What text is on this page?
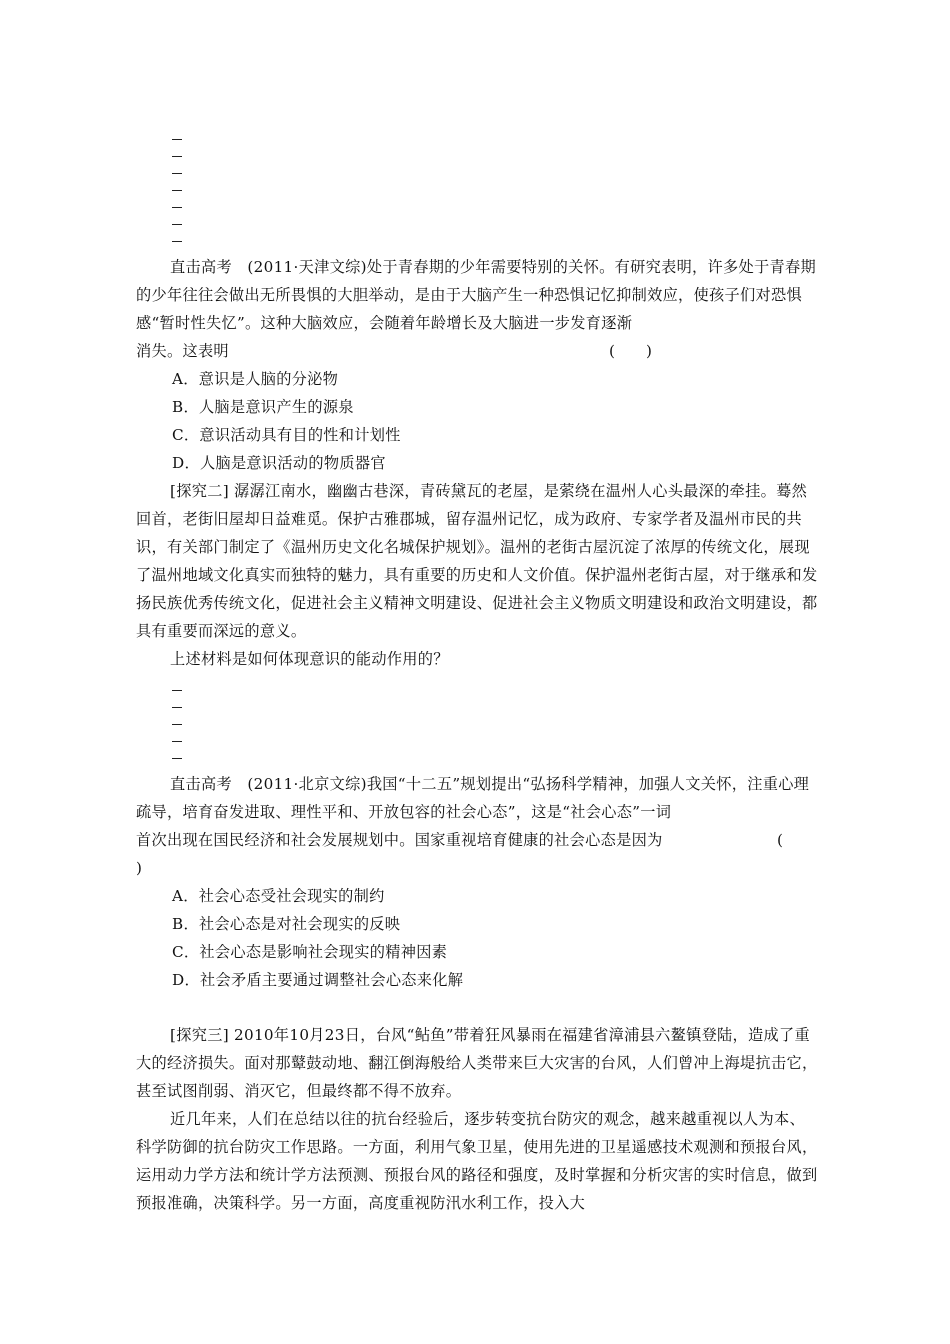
直击高考　(2011·天津文综)处于青春期的少年需要特别的关怀。有研究表明，许多处于青春期的少年往往会做出无所畏惧的大胆举动，是由于大脑产生一种恐惧记忆抑制效应，使孩子们对恐惧感“暂时性失忆”。这种大脑效应，会随着年龄增长及大脑进一步发育逐渐
消失。这表明	( )
A．意识是人脑的分泌物
B．人脑是意识产生的源泉
C．意识活动具有目的性和计划性
D．人脑是意识活动的物质器官
[探究二] 潺潺江南水，幽幽古巷深，青砖黛瓦的老屋，是萦绕在温州人心头最深的牵挂。蓦然回首，老街旧屋却日益难觅。保护古雅郡城，留存温州记忆，成为政府、专家学者及温州市民的共识，有关部门制定了《温州历史文化名城保护规划》。温州的老街古屋沉淀了浓厚的传统文化，展现了温州地域文化真实而独特的魅力，具有重要的历史和人文价值。保护温州老街古屋，对于继承和发扬民族优秀传统文化，促进社会主义精神文明建设、促进社会主义物质文明建设和政治文明建设，都具有重要而深远的意义。
上述材料是如何体现意识的能动作用的？
直击高考　(2011·北京文综)我国“十二五”规划提出“弘扬科学精神，加强人文关怀，注重心理疏导，培育奋发进取、理性平和、开放包容的社会心态”，这是“社会心态”一词
首次出现在国民经济和社会发展规划中。国家重视培育健康的社会心态是因为	(
)
A．社会心态受社会现实的制约
B．社会心态是对社会现实的反映
C．社会心态是影响社会现实的精神因素
D．社会矛盾主要通过调整社会心态来化解
[探究三] 2010年10月23日，台风“鲇鱼”带着狂风暴雨在福建省漳浦县六鳌镇登陆，造成了重大的经济损失。面对那鼙鼓动地、翻江倒海般给人类带来巨大灾害的台风，人们曾冲上海堤抗击它，甚至试图削弱、消灭它，但最终都不得不放弃。
近几年来，人们在总结以往的抗台经验后，逐步转变抗台防灾的观念，越来越重视以人为本、科学防御的抗台防灾工作思路。一方面，利用气象卫星，使用先进的卫星遥感技术观测和预报台风，运用动力学方法和统计学方法预测、预报台风的路径和强度，及时掌握和分析灾害的实时信息，做到预报准确，决策科学。另一方面，高度重视防汛水利工作，投入大
